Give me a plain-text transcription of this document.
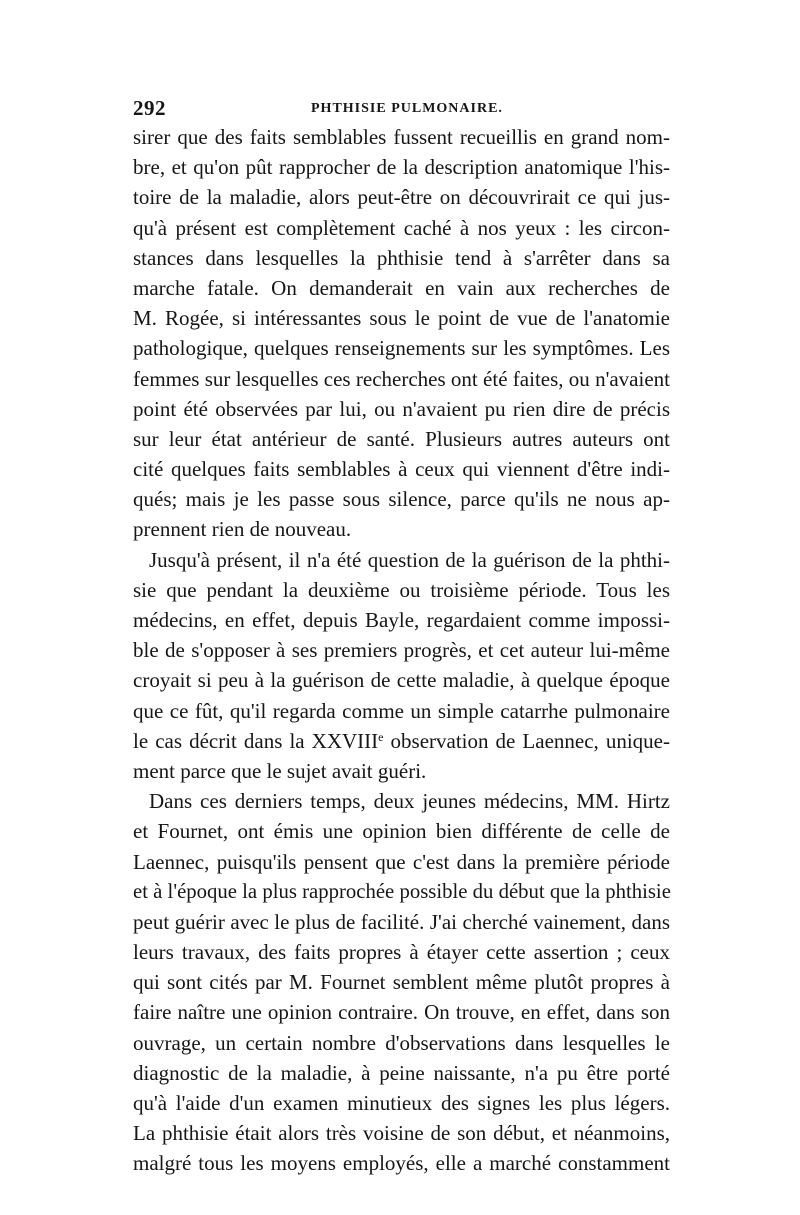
292	PHTHISIE PULMONAIRE.
sirer que des faits semblables fussent recueillis en grand nom-
bre, et qu'on pût rapprocher de la description anatomique l'his-
toire de la maladie, alors peut-être on découvrirait ce qui jus-
qu'à présent est complètement caché à nos yeux : les circon-
stances dans lesquelles la phthisie tend à s'arrêter dans sa
marche fatale. On demanderait en vain aux recherches de
M. Rogée, si intéressantes sous le point de vue de l'anatomie
pathologique, quelques renseignements sur les symptômes. Les
femmes sur lesquelles ces recherches ont été faites, ou n'avaient
point été observées par lui, ou n'avaient pu rien dire de précis
sur leur état antérieur de santé. Plusieurs autres auteurs ont
cité quelques faits semblables à ceux qui viennent d'être indi-
qués; mais je les passe sous silence, parce qu'ils ne nous ap-
prennent rien de nouveau.
Jusqu'à présent, il n'a été question de la guérison de la phthi-
sie que pendant la deuxième ou troisième période. Tous les
médecins, en effet, depuis Bayle, regardaient comme impossi-
ble de s'opposer à ses premiers progrès, et cet auteur lui-même
croyait si peu à la guérison de cette maladie, à quelque époque
que ce fût, qu'il regarda comme un simple catarrhe pulmonaire
le cas décrit dans la XXVIIIe observation de Laennec, unique-
ment parce que le sujet avait guéri.
Dans ces derniers temps, deux jeunes médecins, MM. Hirtz
et Fournet, ont émis une opinion bien différente de celle de
Laennec, puisqu'ils pensent que c'est dans la première période
et à l'époque la plus rapprochée possible du début que la phthisie
peut guérir avec le plus de facilité. J'ai cherché vainement, dans
leurs travaux, des faits propres à étayer cette assertion ; ceux
qui sont cités par M. Fournet semblent même plutôt propres à
faire naître une opinion contraire. On trouve, en effet, dans son
ouvrage, un certain nombre d'observations dans lesquelles le
diagnostic de la maladie, à peine naissante, n'a pu être porté
qu'à l'aide d'un examen minutieux des signes les plus légers.
La phthisie était alors très voisine de son début, et néanmoins,
malgré tous les moyens employés, elle a marché constamment
